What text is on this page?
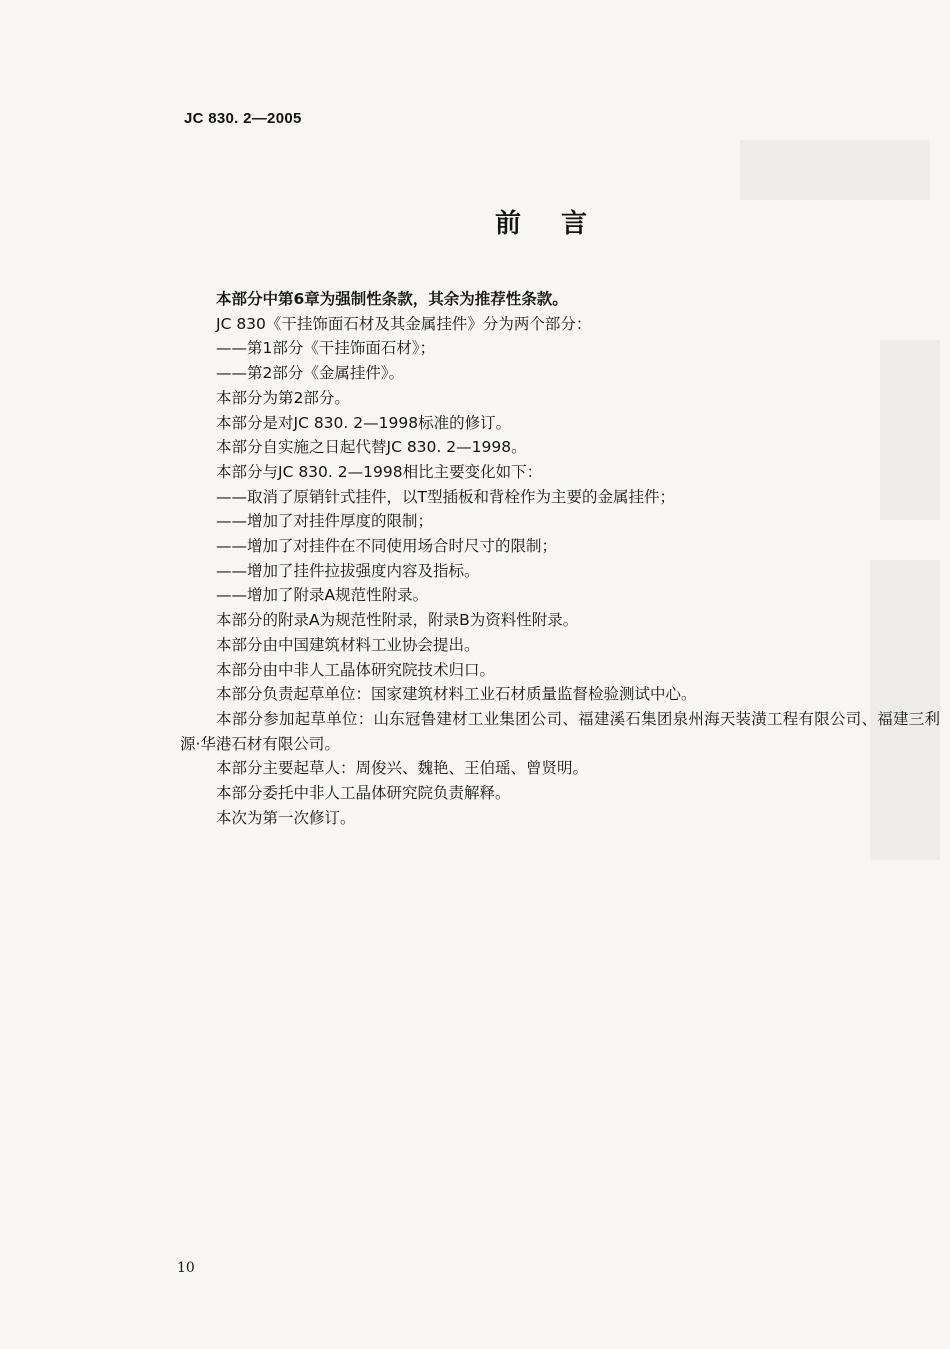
JC 830. 2—2005
前言

本部分中第6章为强制性条款，其余为推荐性条款。

JC 830《干挂饰面石材及其金属挂件》分为两个部分：

——第1部分《干挂饰面石材》；

——第2部分《金属挂件》。

本部分为第2部分。

本部分是对JC 830. 2—1998标准的修订。

本部分自实施之日起代替JC 830. 2—1998。

本部分与JC 830. 2—1998相比主要变化如下：

——取消了原销针式挂件，以T型插板和背栓作为主要的金属挂件；

——增加了对挂件厚度的限制；

——增加了对挂件在不同使用场合时尺寸的限制；

——增加了挂件拉拔强度内容及指标。

——增加了附录A规范性附录。

本部分的附录A为规范性附录，附录B为资料性附录。

本部分由中国建筑材料工业协会提出。

本部分由中非人工晶体研究院技术归口。

本部分负责起草单位：国家建筑材料工业石材质量监督检验测试中心。

本部分参加起草单位：山东冠鲁建材工业集团公司、福建溪石集团泉州海天装潢工程有限公司、福建三利源·华港石材有限公司。

本部分主要起草人：周俊兴、魏艳、王伯瑶、曾贤明。

本部分委托中非人工晶体研究院负责解释。

本次为第一次修订。

10
